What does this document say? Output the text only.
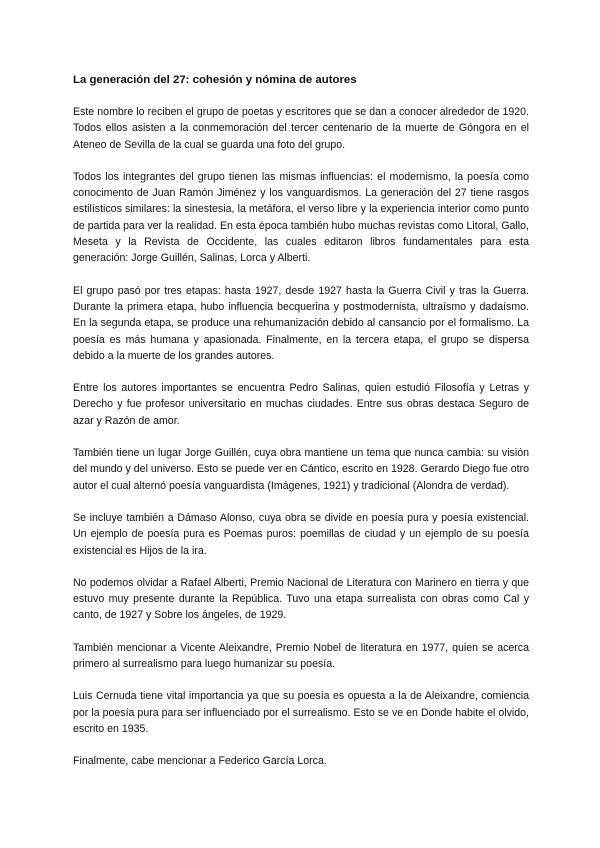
La generación del 27: cohesión y nómina de autores

Este nombre lo reciben el grupo de poetas y escritores que se dan a conocer alrededor de 1920. Todos ellos asisten a la conmemoración del tercer centenario de la muerte de Góngora en el Ateneo de Sevilla de la cual se guarda una foto del grupo.

Todos los integrantes del grupo tienen las mismas influencias: el modernismo, la poesía como conocimento de Juan Ramón Jiménez y los vanguardismos. La generación del 27 tiene rasgos estilísticos similares: la sinestesia, la metáfora, el verso libre y la experiencia interior como punto de partida para ver la realidad. En esta época también hubo muchas revistas como Litoral, Gallo, Meseta y la Revista de Occidente, las cuales editaron libros fundamentales para esta generación: Jorge Guillén, Salinas, Lorca y Alberti.

El grupo pasó por tres etapas: hasta 1927, desde 1927 hasta la Guerra Civil y tras la Guerra. Durante la primera etapa, hubo influencia becquerina y postmodernista, ultraísmo y dadaísmo. En la segunda etapa, se produce una rehumanización debido al cansancio por el formalismo. La poesía es más humana y apasionada. Finalmente, en la tercera etapa, el grupo se dispersa debido a la muerte de los grandes autores.

Entre los autores importantes se encuentra Pedro Salinas, quien estudió Filosofía y Letras y Derecho y fue profesor universitario en muchas ciudades. Entre sus obras destaca Seguro de azar y Razón de amor.

También tiene un lugar Jorge Guillén, cuya obra mantiene un tema que nunca cambia: su visión del mundo y del universo. Esto se puede ver en Cántico, escrito en 1928. Gerardo Diego fue otro autor el cual alternó poesía vanguardista (Imágenes, 1921) y tradicional (Alondra de verdad).

Se incluye también a Dámaso Alonso, cuya obra se divide en poesía pura y poesía existencial. Un ejemplo de poesía pura es Poemas puros: poemillas de ciudad y un ejemplo de su poesía existencial es Hijos de la ira.

No podemos olvidar a Rafael Alberti, Premio Nacional de Literatura con Marinero en tierra y que estuvo muy presente durante la República. Tuvo una etapa surrealista con obras como Cal y canto, de 1927 y Sobre los ángeles, de 1929.

También mencionar a Vicente Aleixandre, Premio Nobel de literatura en 1977, quien se acerca primero al surrealismo para luego humanizar su poesía.

Luis Cernuda tiene vital importancia ya que su poesía es opuesta a la de Aleixandre, comiencia por la poesía pura para ser influenciado por el surrealismo. Esto se ve en Donde habite el olvido, escrito en 1935.

Finalmente, cabe mencionar a Federico García Lorca.
